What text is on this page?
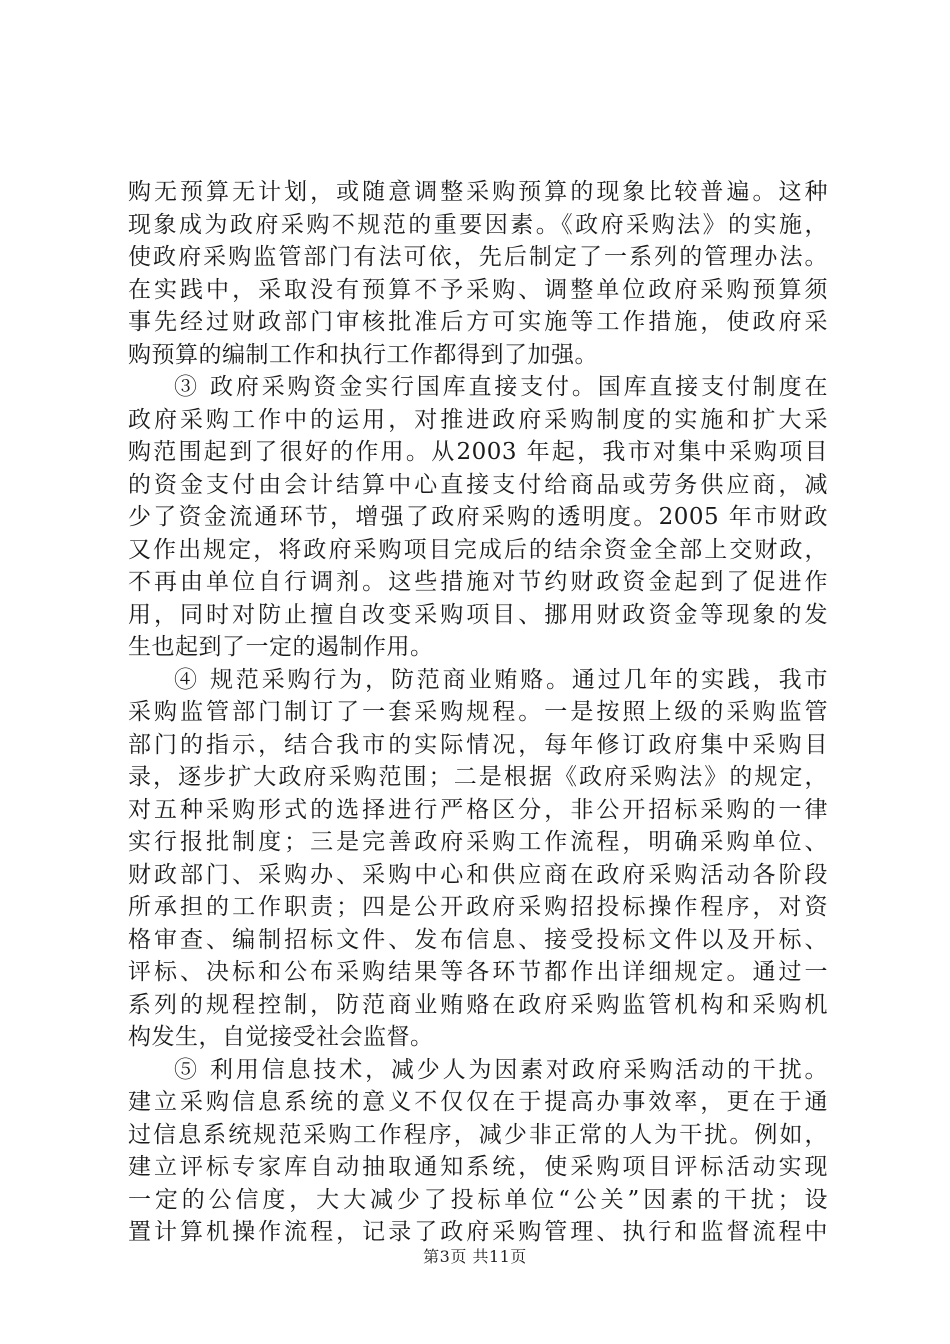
购无预算无计划，或随意调整采购预算的现象比较普遍。这种
现象成为政府采购不规范的重要因素。《政府采购法》的实施，
使政府采购监管部门有法可依，先后制定了一系列的管理办法。
在实践中，采取没有预算不予采购、调整单位政府采购预算须
事先经过财政部门审核批准后方可实施等工作措施，使政府采
购预算的编制工作和执行工作都得到了加强。
③ 政府采购资金实行国库直接支付。国库直接支付制度在
政府采购工作中的运用，对推进政府采购制度的实施和扩大采
购范围起到了很好的作用。从2003 年起，我市对集中采购项目
的资金支付由会计结算中心直接支付给商品或劳务供应商，减
少了资金流通环节，增强了政府采购的透明度。2005 年市财政
又作出规定，将政府采购项目完成后的结余资金全部上交财政，
不再由单位自行调剂。这些措施对节约财政资金起到了促进作
用，同时对防止擅自改变采购项目、挪用财政资金等现象的发
生也起到了一定的遏制作用。
④ 规范采购行为，防范商业贿赂。通过几年的实践，我市
采购监管部门制订了一套采购规程。一是按照上级的采购监管
部门的指示，结合我市的实际情况，每年修订政府集中采购目
录，逐步扩大政府采购范围；二是根据《政府采购法》的规定，
对五种采购形式的选择进行严格区分，非公开招标采购的一律
实行报批制度；三是完善政府采购工作流程，明确采购单位、
财政部门、采购办、采购中心和供应商在政府采购活动各阶段
所承担的工作职责；四是公开政府采购招投标操作程序，对资
格审查、编制招标文件、发布信息、接受投标文件以及开标、
评标、决标和公布采购结果等各环节都作出详细规定。通过一
系列的规程控制，防范商业贿赂在政府采购监管机构和采购机
构发生，自觉接受社会监督。
⑤ 利用信息技术，减少人为因素对政府采购活动的干扰。
建立采购信息系统的意义不仅仅在于提高办事效率，更在于通
过信息系统规范采购工作程序，减少非正常的人为干扰。例如，
建立评标专家库自动抽取通知系统，使采购项目评标活动实现
一定的公信度，大大减少了投标单位“公关”因素的干扰；设
置计算机操作流程，记录了政府采购管理、执行和监督流程中
第3页 共11页
